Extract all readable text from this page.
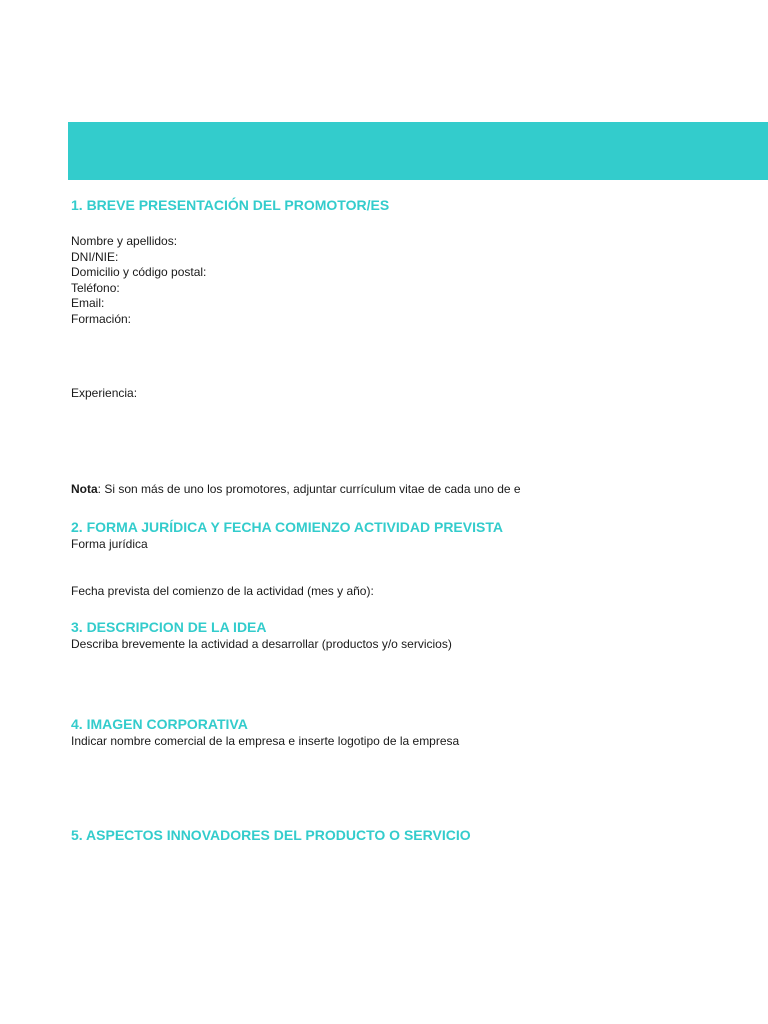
1. BREVE PRESENTACIÓN DEL PROMOTOR/ES
Nombre y apellidos:
DNI/NIE:
Domicilio y código postal:
Teléfono:
Email:
Formación:
Experiencia:
Nota: Si son más de uno los promotores, adjuntar currículum vitae de cada uno de e
2. FORMA JURÍDICA Y FECHA COMIENZO ACTIVIDAD PREVISTA
Forma jurídica
Fecha prevista del comienzo de la actividad (mes y año):
3. DESCRIPCION DE LA IDEA
Describa brevemente la actividad a desarrollar (productos y/o servicios)
4. IMAGEN CORPORATIVA
Indicar nombre comercial de la empresa e inserte logotipo de la empresa
5. ASPECTOS INNOVADORES DEL PRODUCTO O SERVICIO
